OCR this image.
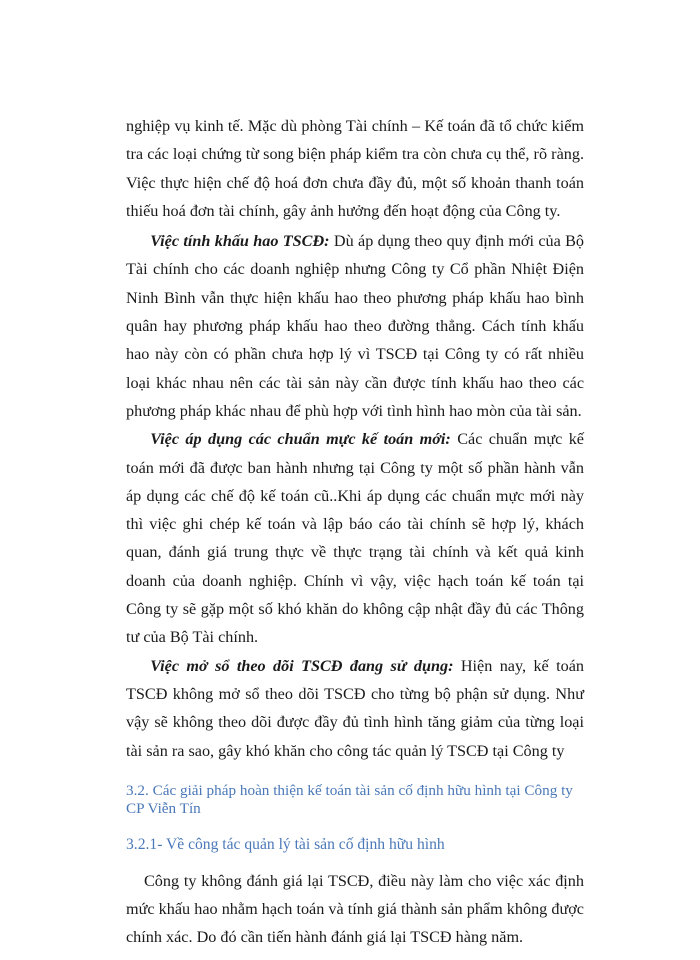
nghiệp vụ kinh tế. Mặc dù phòng Tài chính – Kế toán đã tổ chức kiểm tra các loại chứng từ song biện pháp kiểm tra còn chưa cụ thể, rõ ràng. Việc thực hiện chế độ hoá đơn chưa đầy đủ, một số khoản thanh toán thiếu hoá đơn tài chính, gây ảnh hưởng đến hoạt động của Công ty.

  Việc tính khấu hao TSCĐ: Dù áp dụng theo quy định mới của Bộ Tài chính cho các doanh nghiệp nhưng Công ty Cổ phần Nhiệt Điện Ninh Bình vẫn thực hiện khấu hao theo phương pháp khấu hao bình quân hay phương pháp khấu hao theo đường thẳng. Cách tính khấu hao này còn có phần chưa hợp lý vì TSCĐ tại Công ty có rất nhiều loại khác nhau nên các tài sản này cần được tính khấu hao theo các phương pháp khác nhau để phù hợp với tình hình hao mòn của tài sản.

  Việc áp dụng các chuẩn mực kế toán mới: Các chuẩn mực kế toán mới đã được ban hành nhưng tại Công ty một số phần hành vẫn áp dụng các chế độ kế toán cũ..Khi áp dụng các chuẩn mực mới này thì việc ghi chép kế toán và lập báo cáo tài chính sẽ hợp lý, khách quan, đánh giá trung thực về thực trạng tài chính và kết quả kinh doanh của doanh nghiệp. Chính vì vậy, việc hạch toán kế toán tại Công ty sẽ gặp một số khó khăn do không cập nhật đầy đủ các Thông tư của Bộ Tài chính.

  Việc mở sổ theo dõi TSCĐ đang sử dụng: Hiện nay, kế toán TSCĐ không mở sổ theo dõi TSCĐ cho từng bộ phận sử dụng. Như vậy sẽ không theo dõi được đầy đủ tình hình tăng giảm của từng loại tài sản ra sao, gây khó khăn cho công tác quản lý TSCĐ tại Công ty

3.2. Các giải pháp hoàn thiện kế toán tài sản cố định hữu hình tại Công ty CP Viễn Tín
3.2.1- Về công tác quản lý tài sản cố định hữu hình

Công ty không đánh giá lại TSCĐ, điều này làm cho việc xác định mức khấu hao nhằm hạch toán và tính giá thành sản phẩm không được chính xác. Do đó cần tiến hành đánh giá lại TSCĐ hàng năm.
